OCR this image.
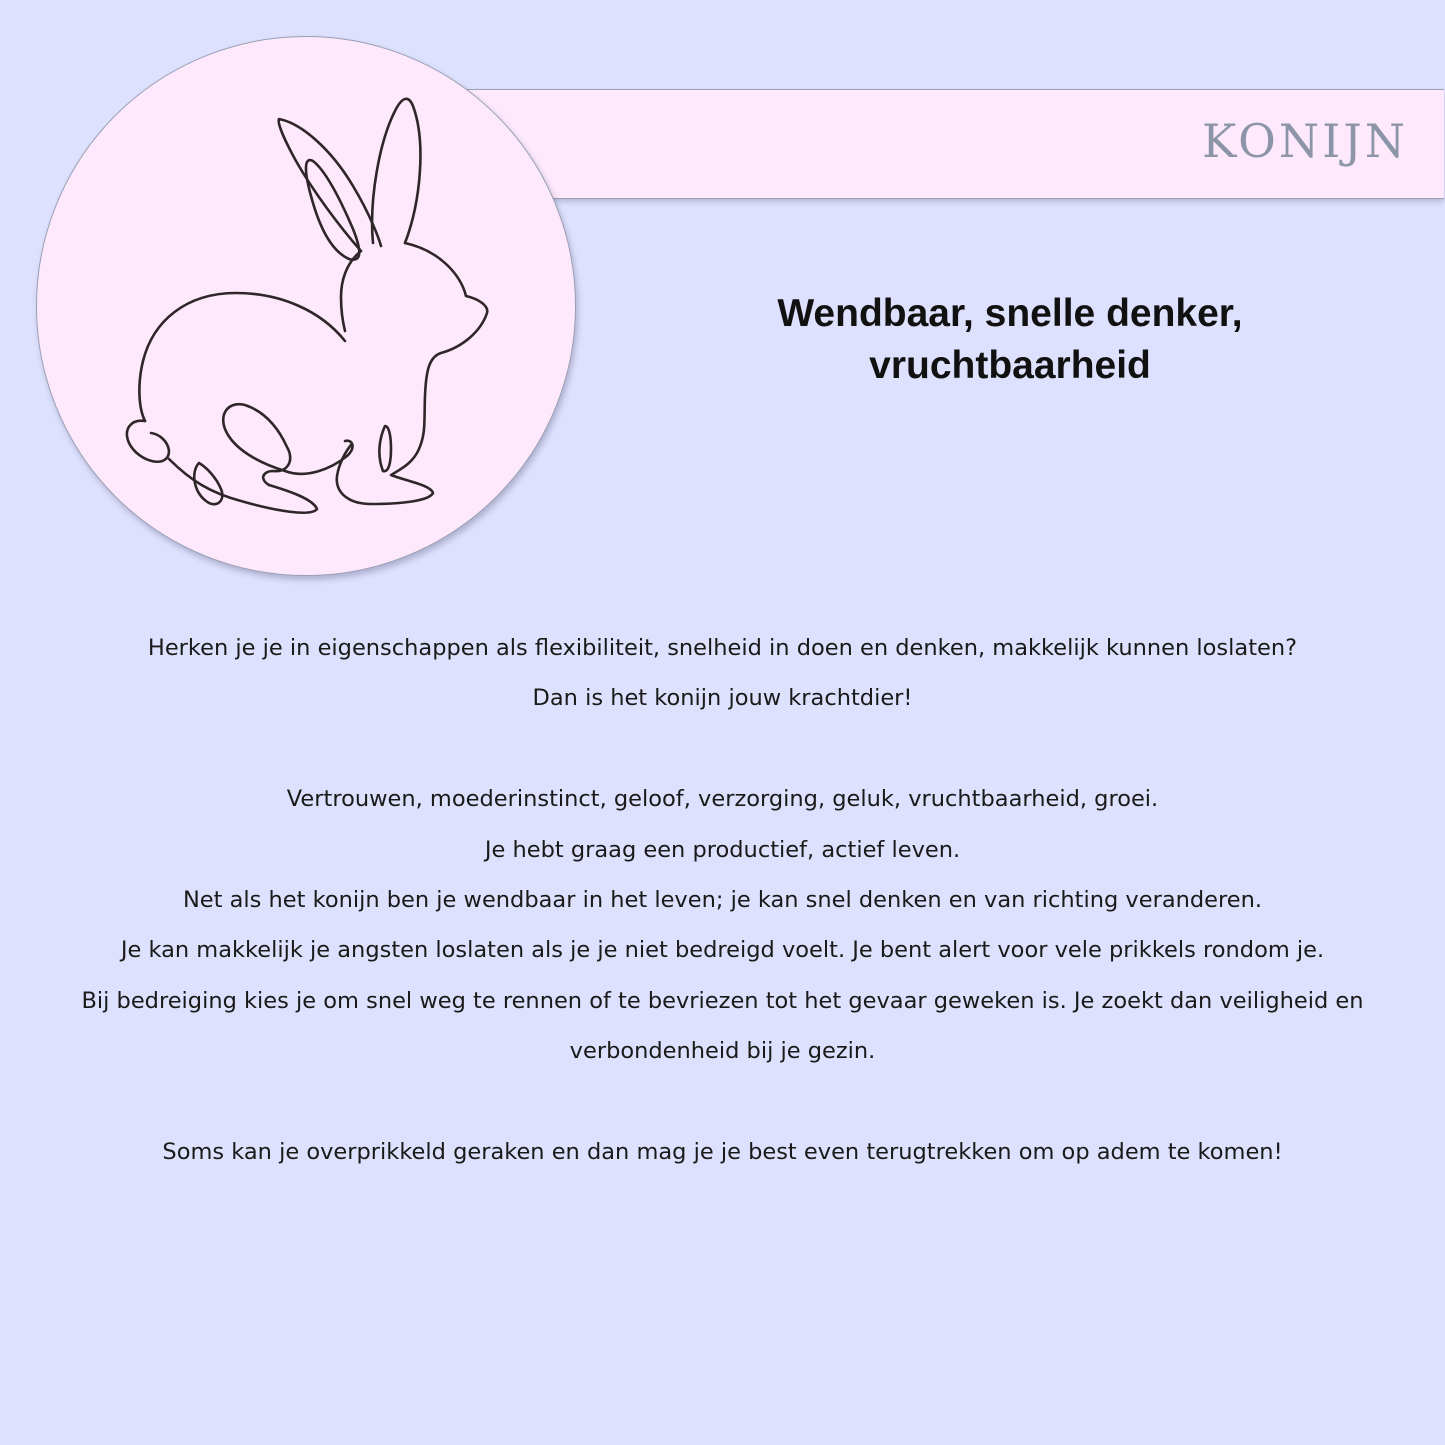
KONIJN
Wendbaar, snelle denker,
vruchtbaarheid

Herken je je in eigenschappen als flexibiliteit, snelheid in doen en denken, makkelijk kunnen loslaten?

Dan is het konijn jouw krachtdier!

Vertrouwen, moederinstinct, geloof, verzorging, geluk, vruchtbaarheid, groei.

Je hebt graag een productief, actief leven.

Net als het konijn ben je wendbaar in het leven; je kan snel denken en van richting veranderen.

Je kan makkelijk je angsten loslaten als je je niet bedreigd voelt. Je bent alert voor vele prikkels rondom je.

Bij bedreiging kies je om snel weg te rennen of te bevriezen tot het gevaar geweken is. Je zoekt dan veiligheid en

verbondenheid bij je gezin.

Soms kan je overprikkeld geraken en dan mag je je best even terugtrekken om op adem te komen!
